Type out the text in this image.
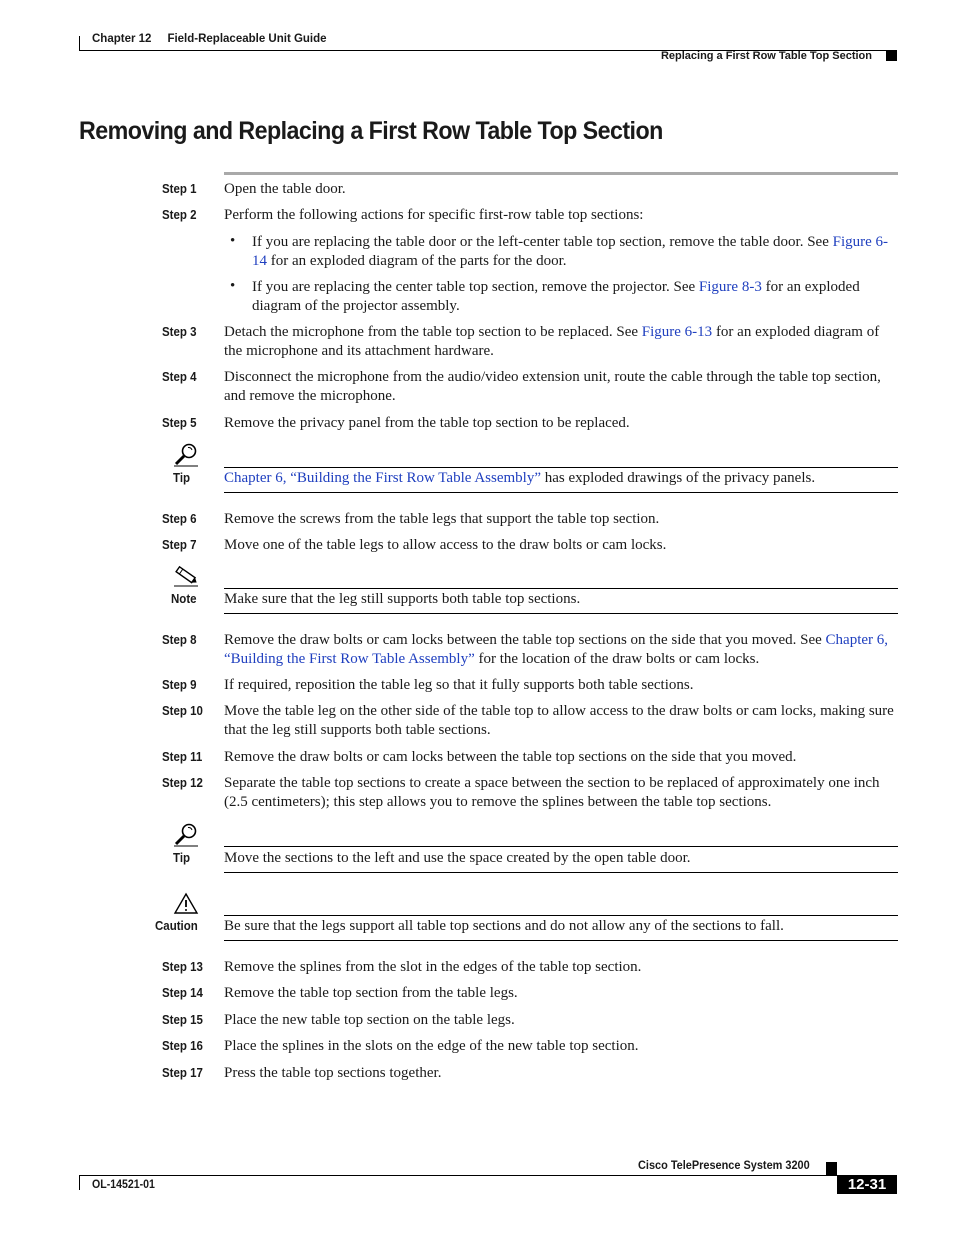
Chapter 12 Field-Replaceable Unit Guide
Replacing a First Row Table Top Section
Removing and Replacing a First Row Table Top Section
Step 1 Open the table door.
Step 2 Perform the following actions for specific first-row table top sections:
• If you are replacing the table door or the left-center table top section, remove the table door. See Figure 6-14 for an exploded diagram of the parts for the door.
• If you are replacing the center table top section, remove the projector. See Figure 8-3 for an exploded diagram of the projector assembly.
Step 3 Detach the microphone from the table top section to be replaced. See Figure 6-13 for an exploded diagram of the microphone and its attachment hardware.
Step 4 Disconnect the microphone from the audio/video extension unit, route the cable through the table top section, and remove the microphone.
Step 5 Remove the privacy panel from the table top section to be replaced.
Tip Chapter 6, “Building the First Row Table Assembly” has exploded drawings of the privacy panels.
Step 6 Remove the screws from the table legs that support the table top section.
Step 7 Move one of the table legs to allow access to the draw bolts or cam locks.
Note Make sure that the leg still supports both table top sections.
Step 8 Remove the draw bolts or cam locks between the table top sections on the side that you moved. See Chapter 6, “Building the First Row Table Assembly” for the location of the draw bolts or cam locks.
Step 9 If required, reposition the table leg so that it fully supports both table sections.
Step 10 Move the table leg on the other side of the table top to allow access to the draw bolts or cam locks, making sure that the leg still supports both table sections.
Step 11 Remove the draw bolts or cam locks between the table top sections on the side that you moved.
Step 12 Separate the table top sections to create a space between the section to be replaced of approximately one inch (2.5 centimeters); this step allows you to remove the splines between the table top sections.
Tip Move the sections to the left and use the space created by the open table door.
Caution Be sure that the legs support all table top sections and do not allow any of the sections to fall.
Step 13 Remove the splines from the slot in the edges of the table top section.
Step 14 Remove the table top section from the table legs.
Step 15 Place the new table top section on the table legs.
Step 16 Place the splines in the slots on the edge of the new table top section.
Step 17 Press the table top sections together.
Cisco TelePresence System 3200
OL-14521-01	12-31
